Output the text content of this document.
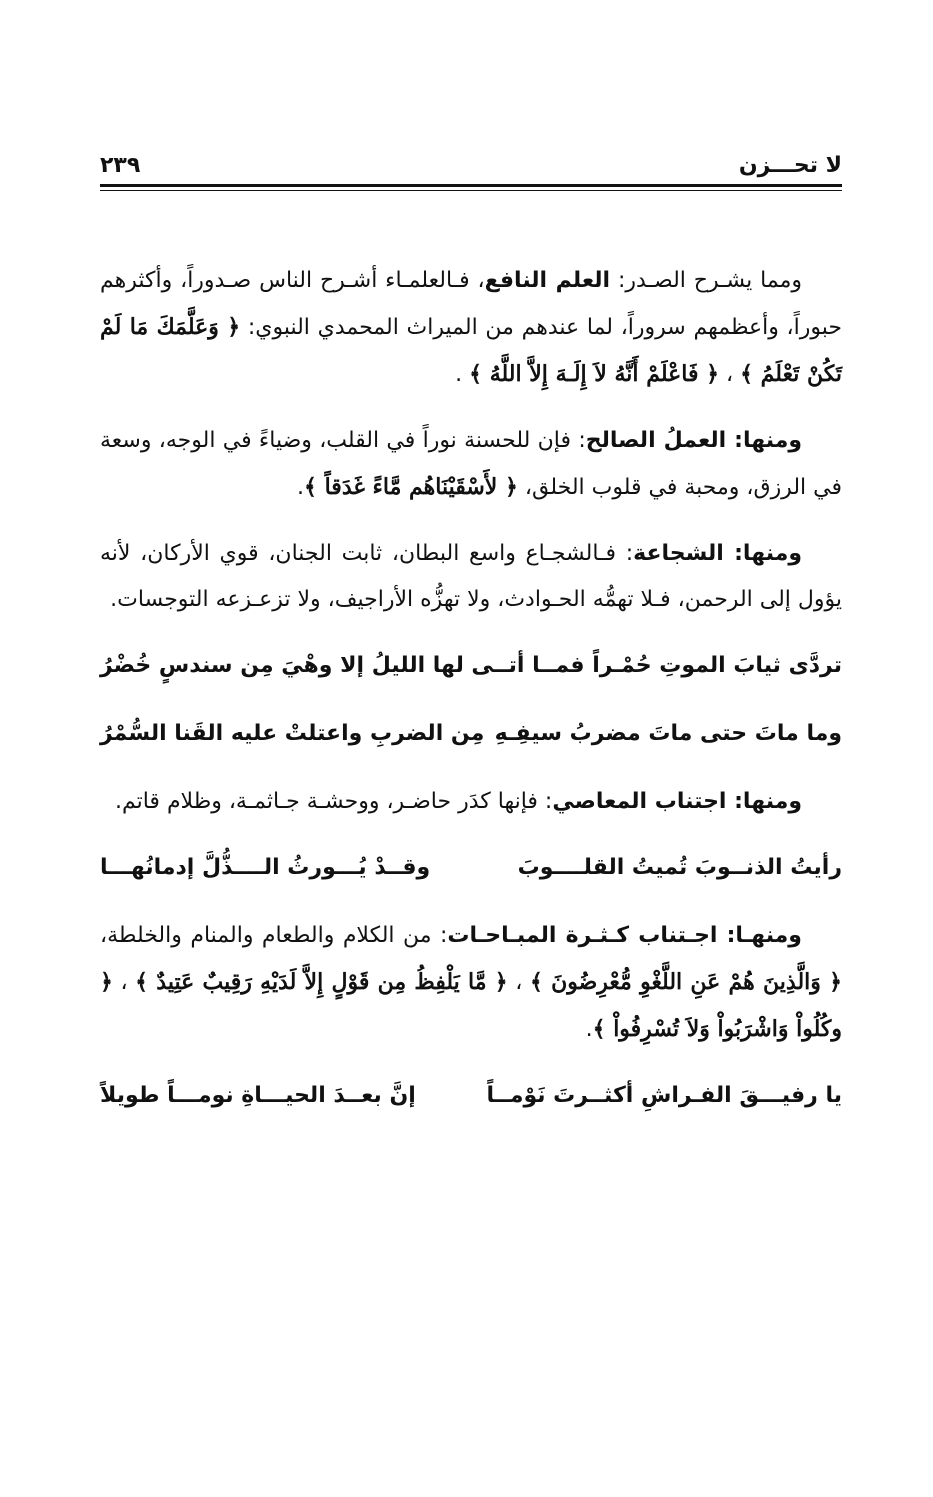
لا تحـــزن
٢٣٩

ومما يشـرح الصـدر: العلم النافع، فـالعلمـاء أشـرح الناس صـدوراً، وأكثرهم حبوراً، وأعظمهم سروراً، لما عندهم من الميراث المحمدي النبوي: ﴿ وَعَلَّمَكَ مَا لَمْ تَكُنْ تَعْلَمُ ﴾ ، ﴿ فَاعْلَمْ أَنَّهُ لاَ إِلَـهَ إِلاَّ اللَّهُ ﴾ .

ومنها: العملُ الصالح: فإن للحسنة نوراً في القلب، وضياءً في الوجه، وسعة في الرزق، ومحبة في قلوب الخلق، ﴿ لأَسْقَيْنَاهُم مَّاءً غَدَقاً ﴾.

ومنها: الشجاعة: فـالشجـاع واسع البطان، ثابت الجنان، قوي الأركان، لأنه يؤول إلى الرحمن، فـلا تهمُّه الحـوادث، ولا تهزُّه الأراجيف، ولا تزعـزعه التوجسات.

تردَّى ثيابَ الموتِ حُمْـراً فمــا أتــى
لها الليلُ إلا وهْيَ مِن سندسٍ خُضْرُ
وما ماتَ حتى ماتَ مضربُ سيفِـهِ
مِن الضربِ واعتلتْ عليه القَنا السُّمْرُ

ومنها: اجتناب المعاصي: فإنها كدَر حاضـر، ووحشـة جـاثمـة، وظلام قاتم.

رأيتُ الذنــوبَ تُميتُ القلــــوبَ
وقــدْ يُـــورثُ الــــذُّلَّ إدمانُهـــا

ومنهـا: اجـتناب كـثـرة المبـاحـات: من الكلام والطعام والمنام والخلطة، ﴿ وَالَّذِينَ هُمْ عَنِ اللَّغْوِ مُّعْرِضُونَ ﴾ ، ﴿ مَّا يَلْفِظُ مِن قَوْلٍ إِلاَّ لَدَيْهِ رَقِيبٌ عَتِيدٌ ﴾ ، ﴿ وكُلُواْ وَاشْرَبُواْ وَلاَ تُسْرِفُواْ ﴾.

يا رفيـــقَ الفـراشِ أكثــرتَ نَوْمــاً
إنَّ بعــدَ الحيـــاةِ نومـــاً طويلاً
